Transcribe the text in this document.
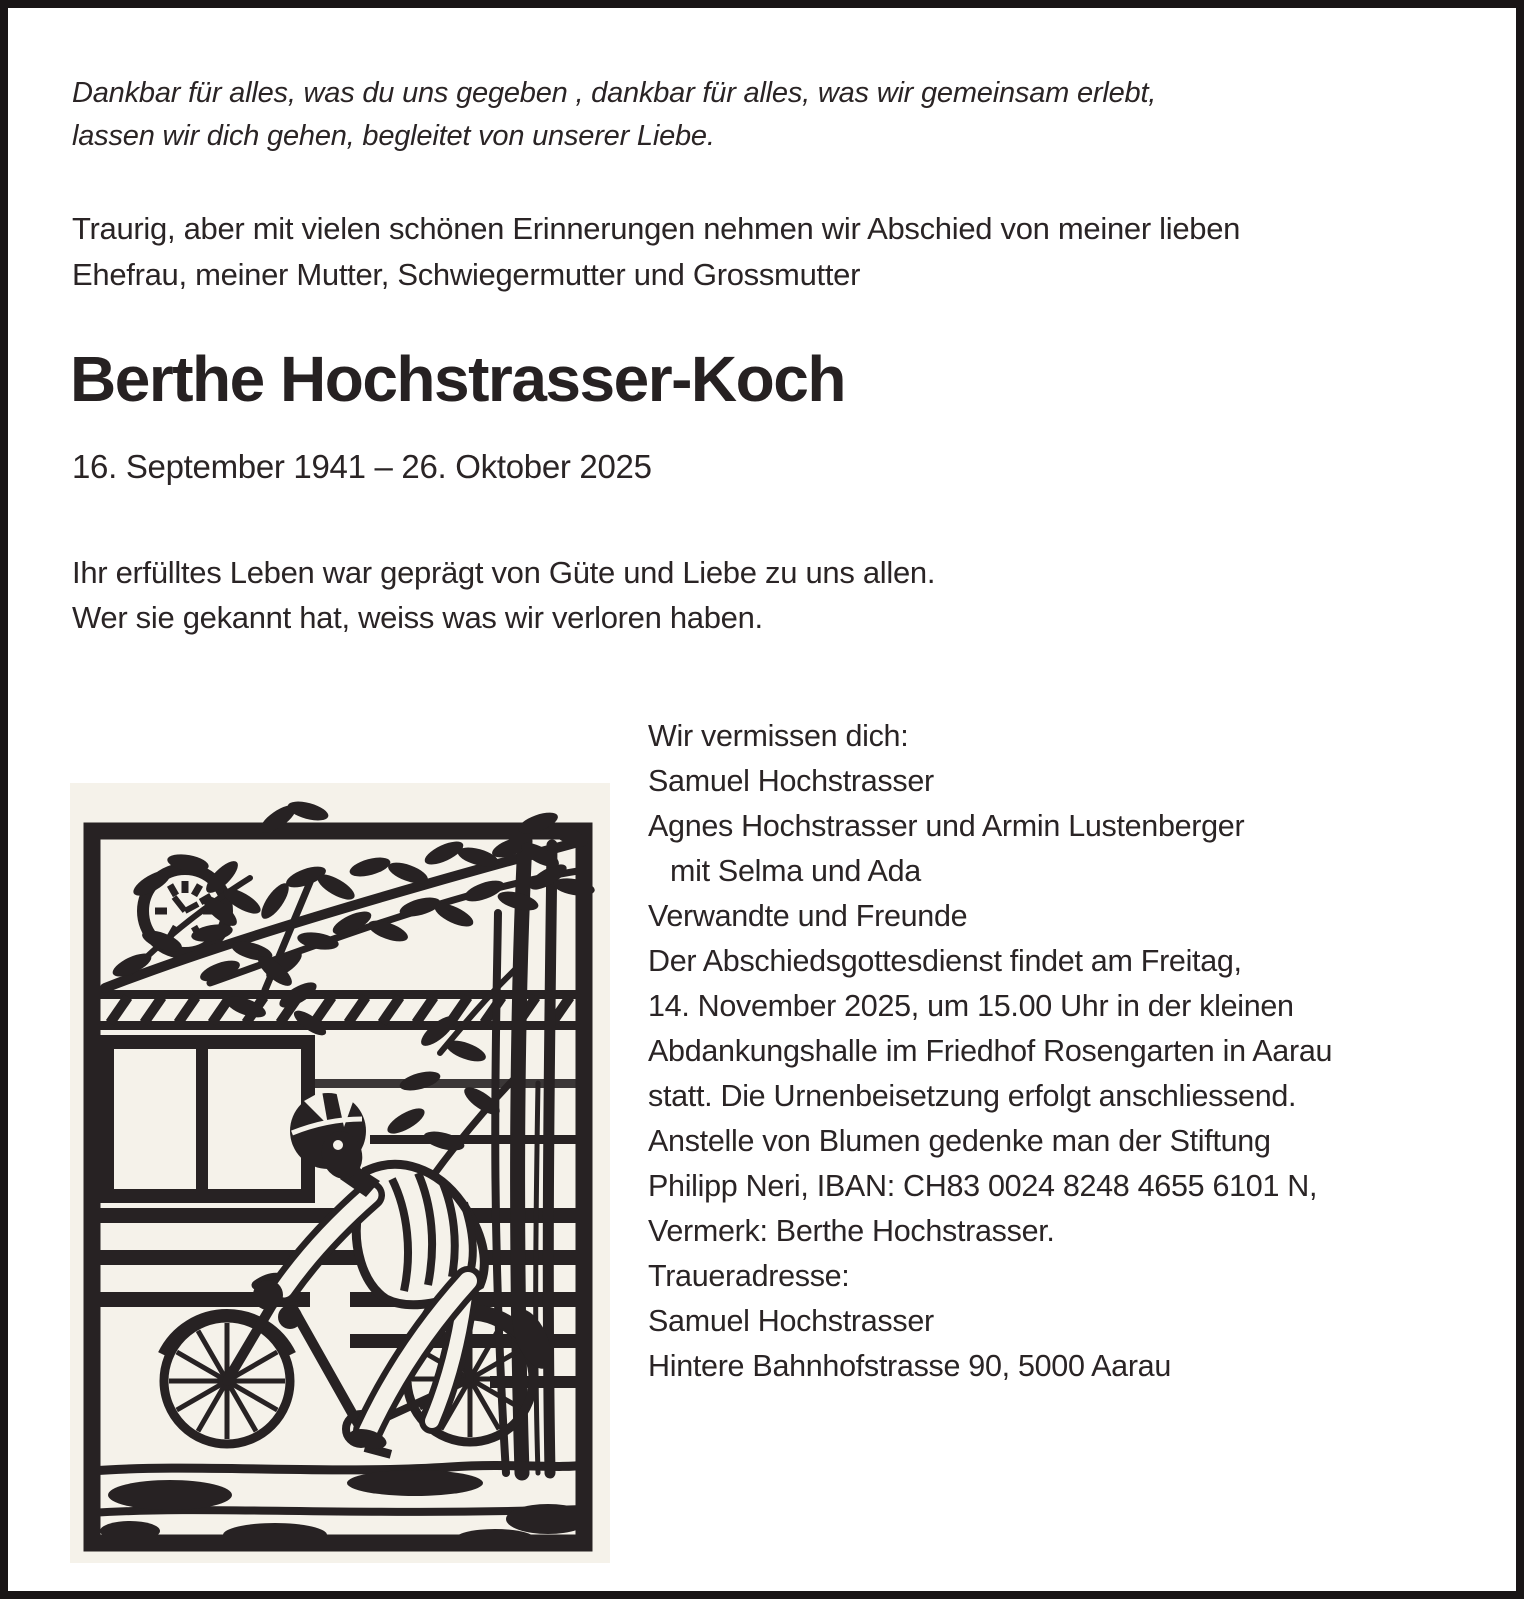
Dankbar für alles, was du uns gegeben , dankbar für alles, was wir gemeinsam erlebt,
lassen wir dich gehen, begleitet von unserer Liebe.
Traurig, aber mit vielen schönen Erinnerungen nehmen wir Abschied von meiner lieben
Ehefrau, meiner Mutter, Schwiegermutter und Grossmutter
Berthe Hochstrasser-Koch
16. September 1941 – 26. Oktober 2025
Ihr erfülltes Leben war geprägt von Güte und Liebe zu uns allen.
Wer sie gekannt hat, weiss was wir verloren haben.
Wir vermissen dich:
Samuel Hochstrasser
Agnes Hochstrasser und Armin Lustenberger
mit Selma und Ada
Verwandte und Freunde
Der Abschiedsgottesdienst findet am Freitag,
14. November 2025, um 15.00 Uhr in der kleinen
Abdankungshalle im Friedhof Rosengarten in Aarau
statt. Die Urnenbeisetzung erfolgt anschliessend.
Anstelle von Blumen gedenke man der Stiftung
Philipp Neri, IBAN: CH83 0024 8248 4655 6101 N,
Vermerk: Berthe Hochstrasser.
Traueradresse:
Samuel Hochstrasser
Hintere Bahnhofstrasse 90, 5000 Aarau
